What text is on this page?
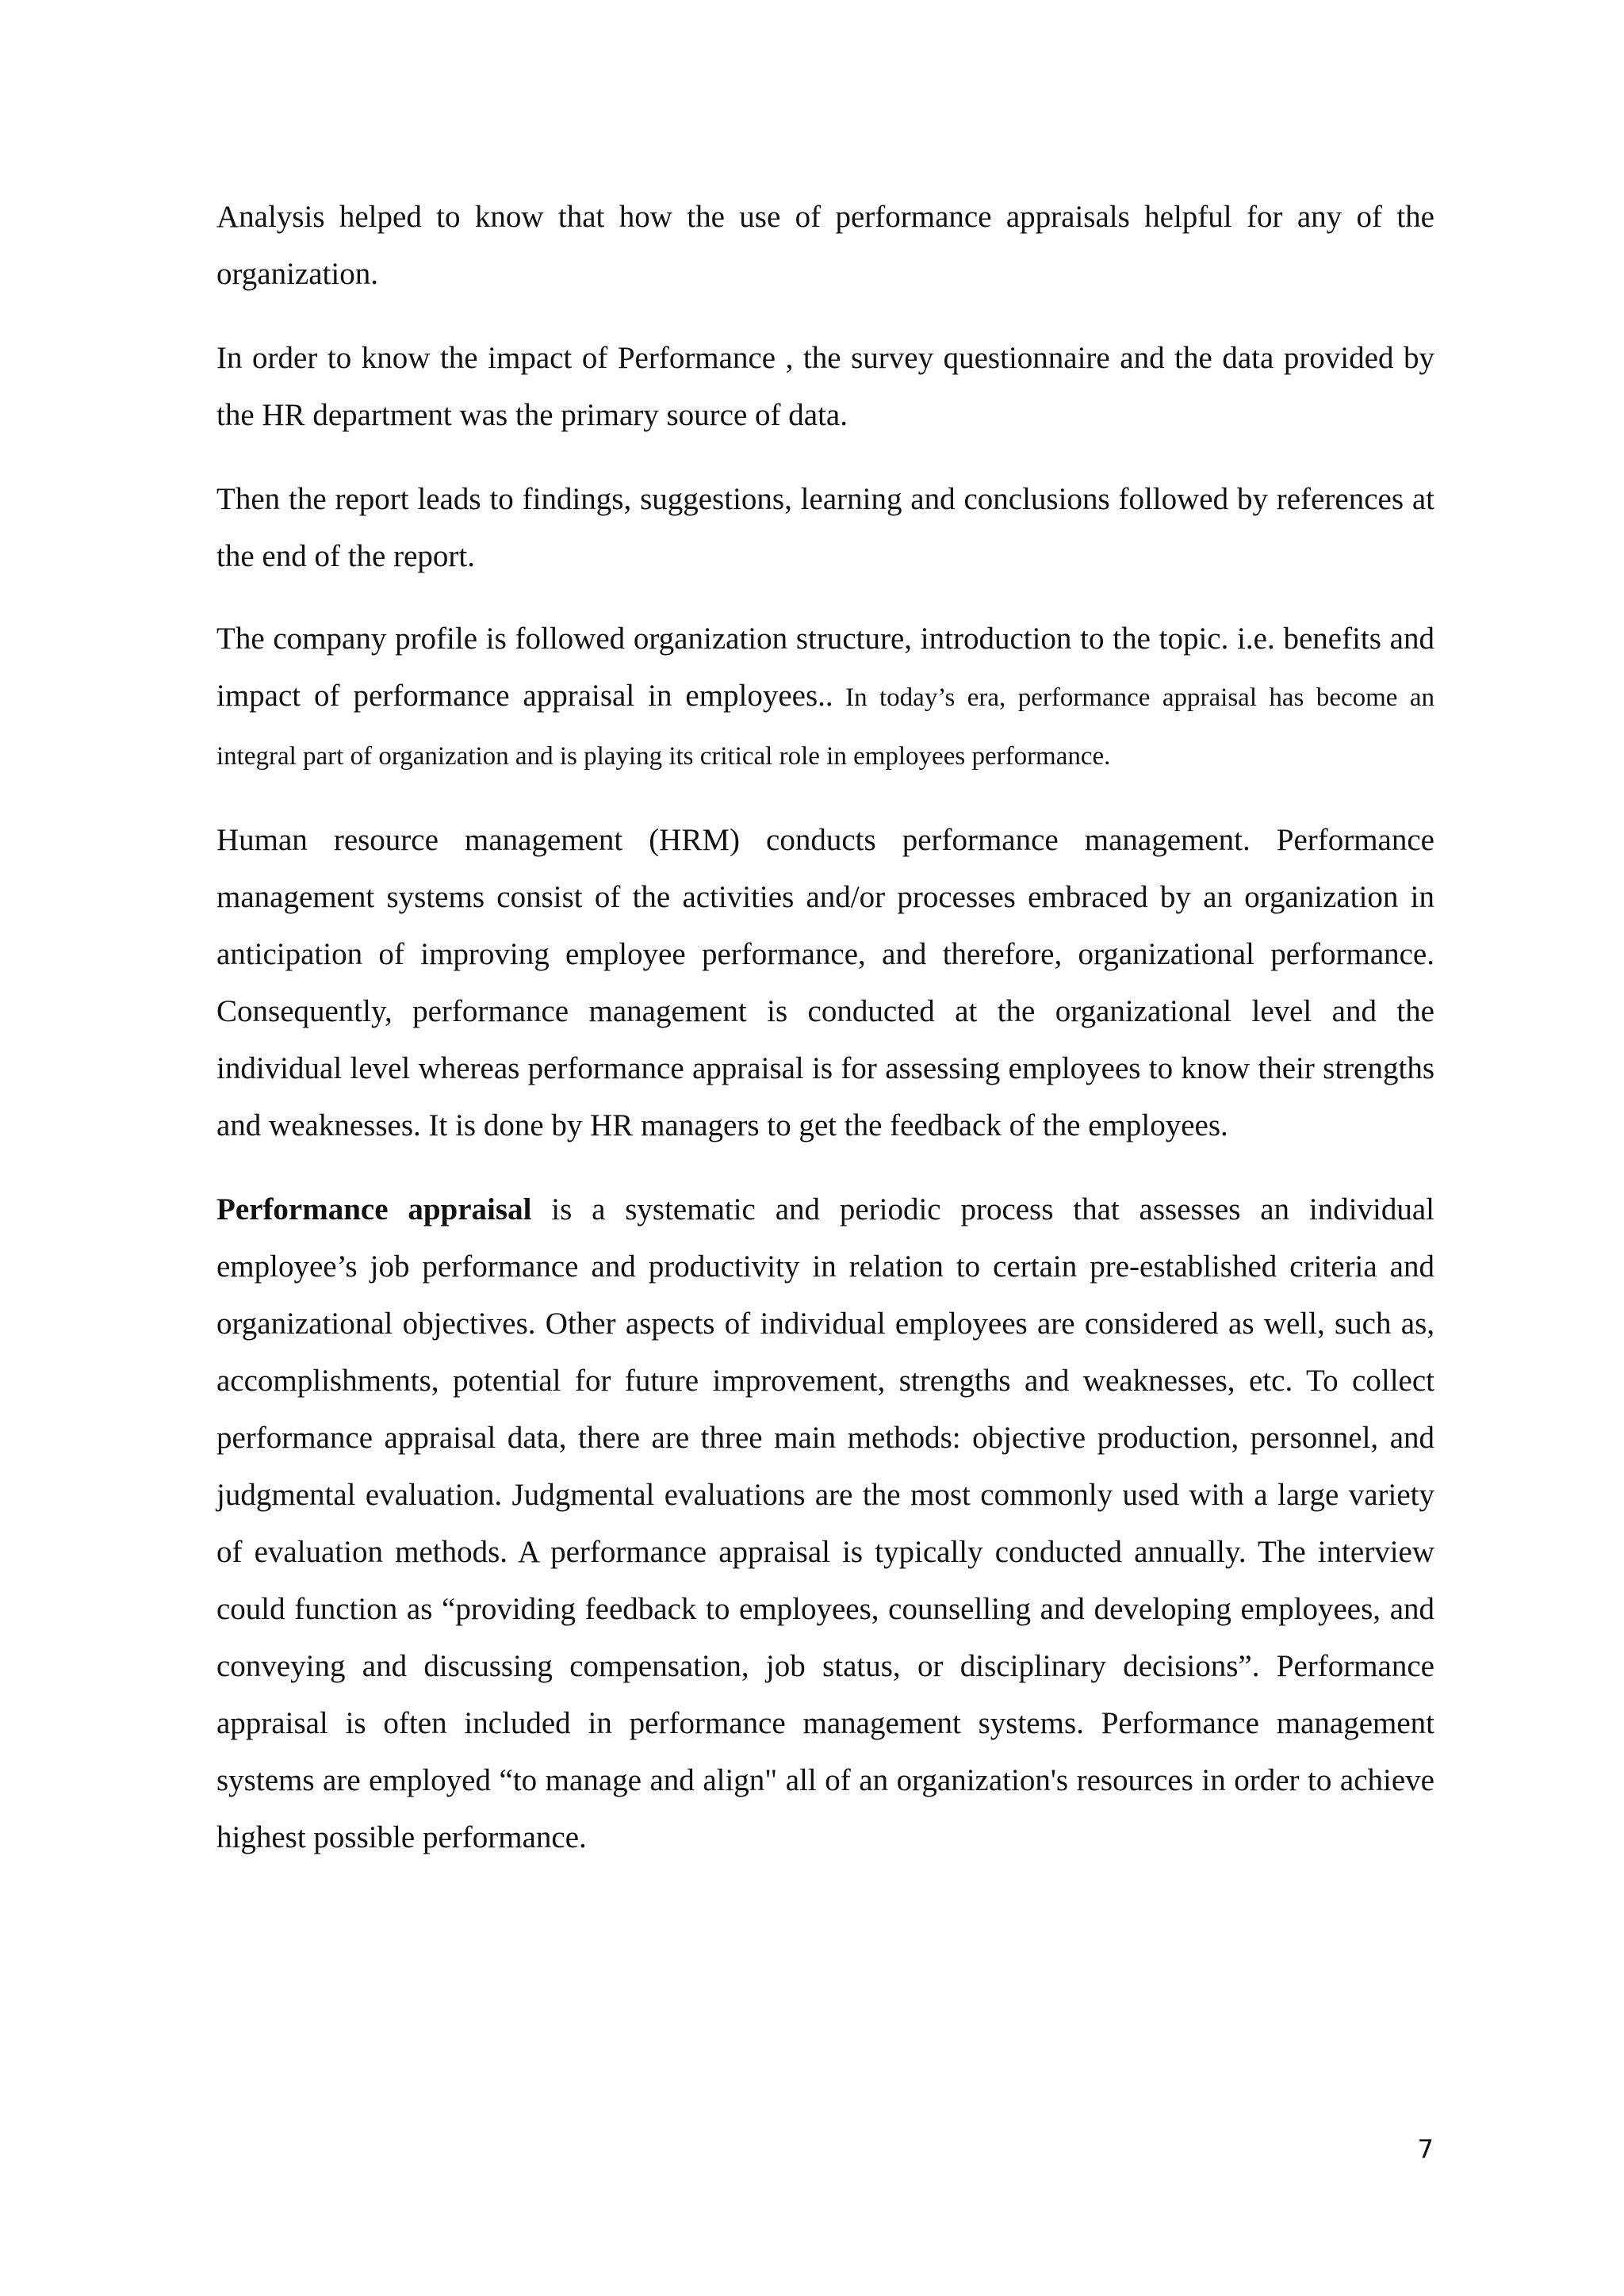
Analysis helped to know that how the use of performance appraisals helpful for any of the organization.

In order to know the impact of Performance , the survey questionnaire and the data provided by the HR department was the primary source of data.

Then the report leads to findings, suggestions, learning and conclusions followed by references at the end of the report.

The company profile is followed organization structure, introduction to the topic. i.e. benefits and impact of performance appraisal in employees.. In today’s era, performance appraisal has become an integral part of organization and is playing its critical role in employees performance.

Human resource management (HRM) conducts performance management. Performance management systems consist of the activities and/or processes embraced by an organization in anticipation of improving employee performance, and therefore, organizational performance. Consequently, performance management is conducted at the organizational level and the individual level whereas performance appraisal is for assessing employees to know their strengths and weaknesses. It is done by HR managers to get the feedback of the employees.

Performance appraisal is a systematic and periodic process that assesses an individual employee’s job performance and productivity in relation to certain pre-established criteria and organizational objectives. Other aspects of individual employees are considered as well, such as, accomplishments, potential for future improvement, strengths and weaknesses, etc. To collect performance appraisal data, there are three main methods: objective production, personnel, and judgmental evaluation. Judgmental evaluations are the most commonly used with a large variety of evaluation methods. A performance appraisal is typically conducted annually. The interview could function as “providing feedback to employees, counselling and developing employees, and conveying and discussing compensation, job status, or disciplinary decisions”. Performance appraisal is often included in performance management systems. Performance management systems are employed “to manage and align" all of an organization's resources in order to achieve highest possible performance.

7
